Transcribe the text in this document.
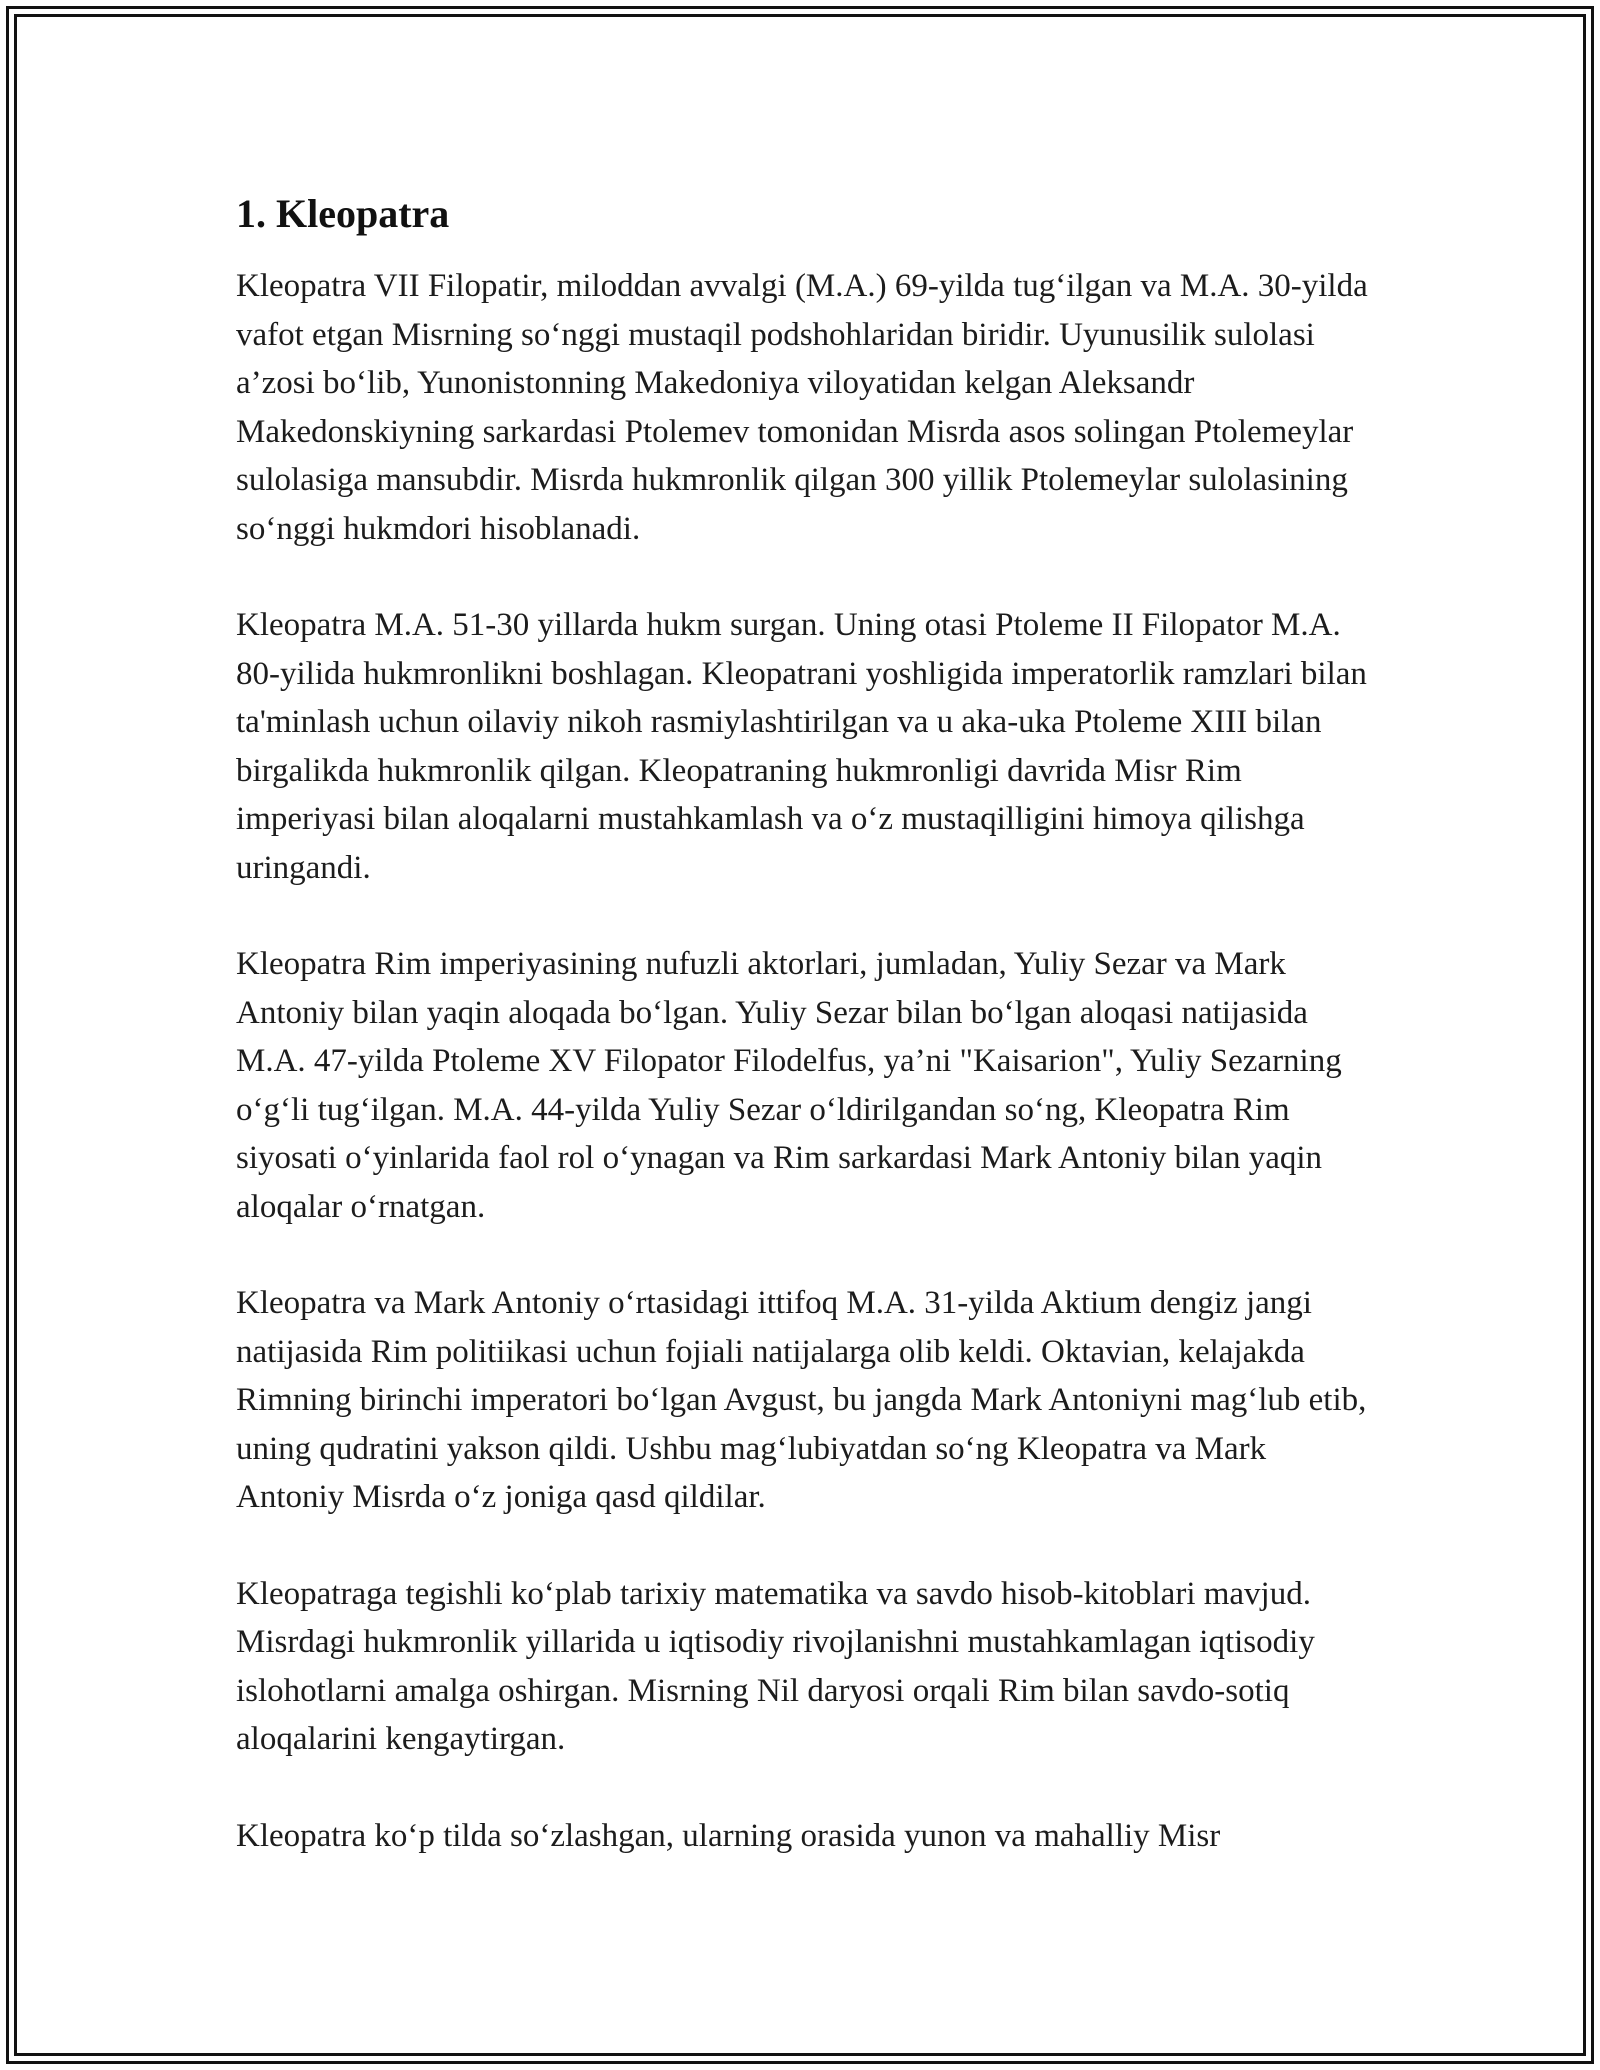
1. Kleopatra

Kleopatra VII Filopatir, miloddan avvalgi (M.A.) 69-yilda tug‘ilgan va M.A. 30-yilda vafot etgan Misrning so‘nggi mustaqil podshohlaridan biridir. Uyunusilik sulolasi a’zosi bo‘lib, Yunonistonning Makedoniya viloyatidan kelgan Aleksandr Makedonskiyning sarkardasi Ptolemev tomonidan Misrda asos solingan Ptolemeylar sulolasiga mansubdir. Misrda hukmronlik qilgan 300 yillik Ptolemeylar sulolasining so‘nggi hukmdori hisoblanadi.

Kleopatra M.A. 51-30 yillarda hukm surgan. Uning otasi Ptoleme II Filopator M.A. 80-yilida hukmronlikni boshlagan. Kleopatrani yoshligida imperatorlik ramzlari bilan ta'minlash uchun oilaviy nikoh rasmiylashtirilgan va u aka-uka Ptoleme XIII bilan birgalikda hukmronlik qilgan. Kleopatraning hukmronligi davrida Misr Rim imperiyasi bilan aloqalarni mustahkamlash va o‘z mustaqilligini himoya qilishga uringandi.

Kleopatra Rim imperiyasining nufuzli aktorlari, jumladan, Yuliy Sezar va Mark Antoniy bilan yaqin aloqada bo‘lgan. Yuliy Sezar bilan bo‘lgan aloqasi natijasida M.A. 47-yilda Ptoleme XV Filopator Filodelfus, ya’ni "Kaisarion", Yuliy Sezarning o‘g‘li tug‘ilgan. M.A. 44-yilda Yuliy Sezar o‘ldirilgandan so‘ng, Kleopatra Rim siyosati o‘yinlarida faol rol o‘ynagan va Rim sarkardasi Mark Antoniy bilan yaqin aloqalar o‘rnatgan.

Kleopatra va Mark Antoniy o‘rtasidagi ittifoq M.A. 31-yilda Aktium dengiz jangi natijasida Rim politiikasi uchun fojiali natijalarga olib keldi. Oktavian, kelajakda Rimning birinchi imperatori bo‘lgan Avgust, bu jangda Mark Antoniyni mag‘lub etib, uning qudratini yakson qildi. Ushbu mag‘lubiyatdan so‘ng Kleopatra va Mark Antoniy Misrda o‘z joniga qasd qildilar.

Kleopatraga tegishli ko‘plab tarixiy matematika va savdo hisob-kitoblari mavjud. Misrdagi hukmronlik yillarida u iqtisodiy rivojlanishni mustahkamlagan iqtisodiy islohotlarni amalga oshirgan. Misrning Nil daryosi orqali Rim bilan savdo-sotiq aloqalarini kengaytirgan.

Kleopatra ko‘p tilda so‘zlashgan, ularning orasida yunon va mahalliy Misr
